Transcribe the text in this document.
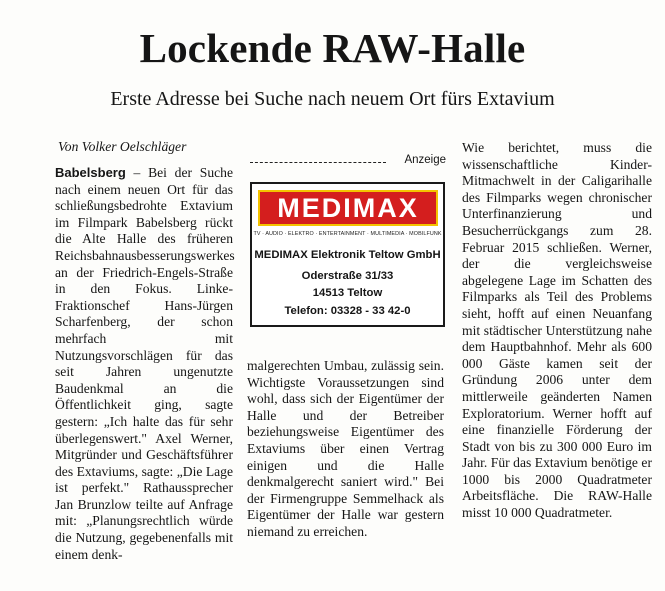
Lockende RAW-Halle
Erste Adresse bei Suche nach neuem Ort fürs Extavium
Von Volker Oelschläger
Babelsberg – Bei der Suche nach einem neuen Ort für das schließungsbedrohte Extavium im Filmpark Babelsberg rückt die Alte Halle des früheren Reichsbahnausbesserungswerkes an der Friedrich-Engels-Straße in den Fokus. Linke-Fraktionschef Hans-Jürgen Scharfenberg, der schon mehrfach mit Nutzungsvorschlägen für das seit Jahren ungenutzte Baudenkmal an die Öffentlichkeit ging, sagte gestern: „Ich halte das für sehr überlegenswert." Axel Werner, Mitgründer und Geschäftsführer des Extaviums, sagte: „Die Lage ist perfekt." Rathaussprecher Jan Brunzlow teilte auf Anfrage mit: „Planungsrechtlich würde die Nutzung, gegebenenfalls mit einem denk-
Anzeige
MEDIMAX
TV · AUDIO · ELEKTRO · ENTERTAINMENT · MULTIMEDIA · MOBILFUNK
MEDIMAX Elektronik Teltow GmbH
Oderstraße 31/33
14513 Teltow
Telefon: 03328 - 33 42-0
malgerechten Umbau, zulässig sein. Wichtigste Voraussetzungen sind wohl, dass sich der Eigentümer der Halle und der Betreiber beziehungsweise Eigentümer des Extaviums über einen Vertrag einigen und die Halle denkmalgerecht saniert wird." Bei der Firmengruppe Semmelhack als Eigentümer der Halle war gestern niemand zu erreichen.
Wie berichtet, muss die wissenschaftliche Kinder-Mitmachwelt in der Caligarihalle des Filmparks wegen chronischer Unterfinanzierung und Besucherrückgangs zum 28. Februar 2015 schließen. Werner, der die vergleichsweise abgelegene Lage im Schatten des Filmparks als Teil des Problems sieht, hofft auf einen Neuanfang mit städtischer Unterstützung nahe dem Hauptbahnhof. Mehr als 600 000 Gäste kamen seit der Gründung 2006 unter dem mittlerweile geänderten Namen Exploratorium. Werner hofft auf eine finanzielle Förderung der Stadt von bis zu 300 000 Euro im Jahr. Für das Extavium benötige er 1000 bis 2000 Quadratmeter Arbeitsfläche. Die RAW-Halle misst 10 000 Quadratmeter.
